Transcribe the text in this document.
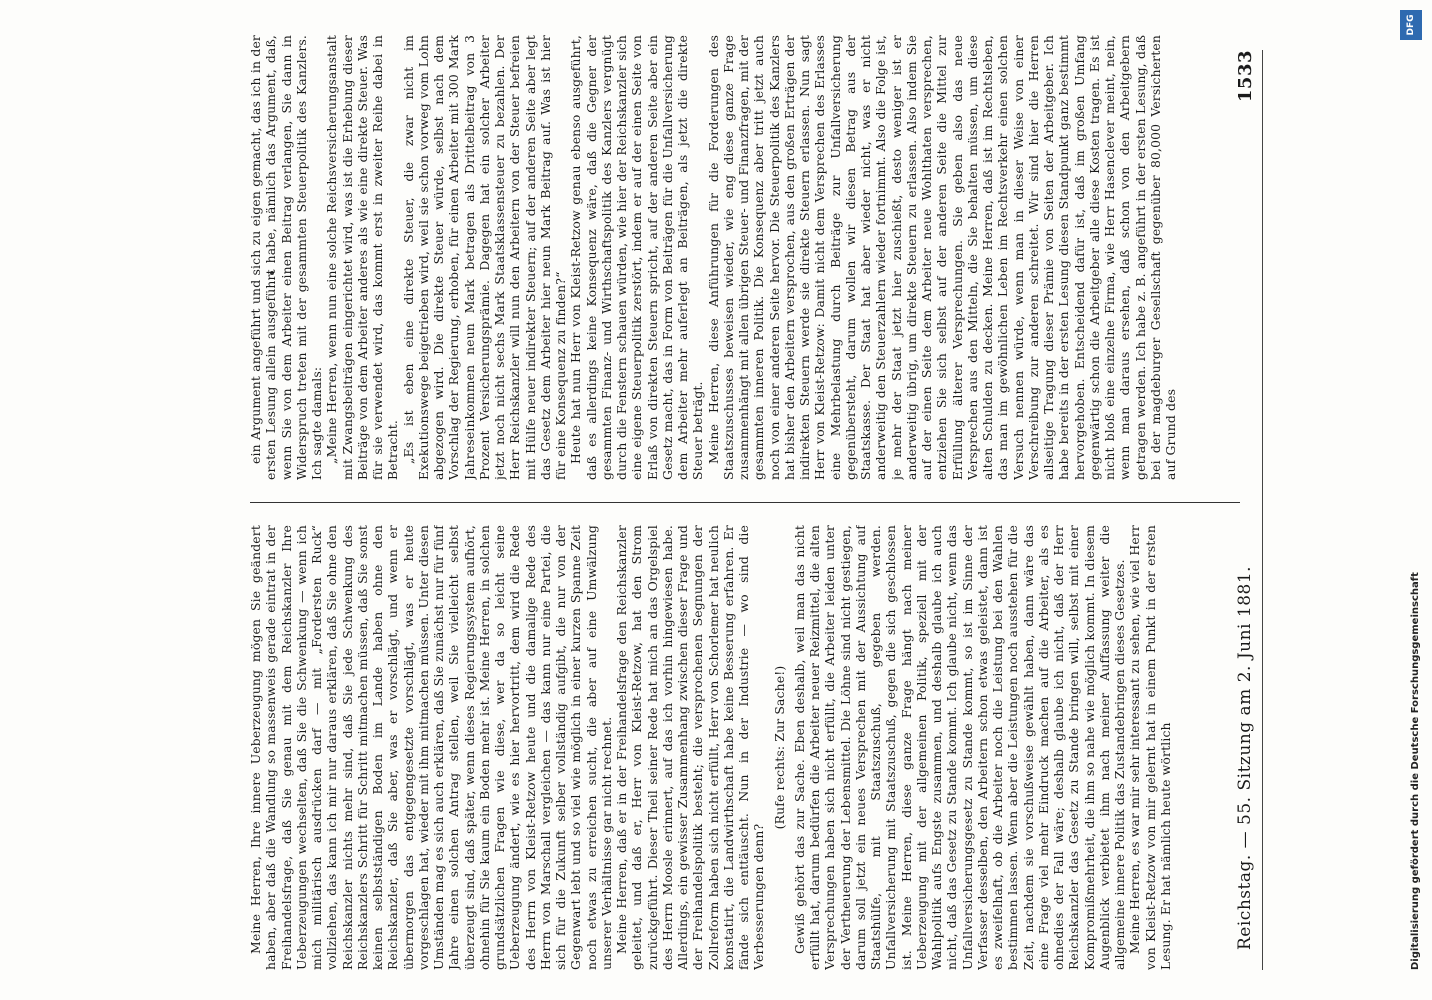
Meine Herren, Ihre innere Ueberzeugung mögen Sie geändert haben, aber daß die Wandlung so massenweis gerade eintrat in der Freihandelsfrage, daß Sie genau mit dem Reichskanzler Ihre Ueberzeugungen wechselten, daß Sie die Schwenkung — wenn ich mich militärisch ausdrücken darf — mit „Fordersten Ruck“ vollziehen, das kann ich mir nur daraus erklären, daß Sie ohne den Reichskanzler nichts mehr sind, daß Sie jede Schwenkung des Reichskanzlers Schritt für Schritt mitmachen müssen, daß Sie sonst keinen selbstständigen Boden im Lande haben ohne den Reichskanzler, daß Sie aber, was er vorschlägt, und wenn er übermorgen das entgegengesetzte vorschlägt, was er heute vorgeschlagen hat, wieder mit ihm mitmachen müssen. Unter diesen Umständen mag es sich auch erklären, daß Sie zunächst nur für fünf Jahre einen solchen Antrag stellen, weil Sie vielleicht selbst überzeugt sind, daß später, wenn dieses Regierungssystem aufhört, ohnehin für Sie kaum ein Boden mehr ist. Meine Herren, in solchen grundsätzlichen Fragen wie diese, wer da so leicht seine Ueberzeugung ändert, wie es hier hervortritt, dem wird die Rede des Herrn von Kleist-Retzow heute und die damalige Rede des Herrn von Marschall vergleichen — das kann nur eine Partei, die sich für die Zukunft selber vollständig aufgibt, die nur von der Gegenwart lebt und so viel wie möglich in einer kurzen Spanne Zeit noch etwas zu erreichen sucht, die aber auf eine Umwälzung unserer Verhältnisse gar nicht rechnet. Meine Herren, daß er in der Freihandelsfrage den Reichskanzler geleitet, und daß er, Herr von Kleist-Retzow, hat den Strom zurückgeführt. Dieser Theil seiner Rede hat mich an das Orgelspiel des Herrn Moosle erinnert, auf das ich vorhin hingewiesen habe. Allerdings, ein gewisser Zusammenhang zwischen dieser Frage und der Freihandelspolitik besteht; die versprochenen Segnungen der Zollreform haben sich nicht erfüllt, Herr von Schorlemer hat neulich konstatirt, die Landwirthschaft habe keine Besserung erfahren. Er fände sich enttäuscht. Nun in der Industrie — wo sind die Verbesserungen denn?

(Rufe rechts: Zur Sache!) Gewiß gehört das zur Sache. Eben deshalb, weil man das nicht erfüllt hat, darum bedürfen die Arbeiter neuer Reizmittel, die alten Versprechungen haben sich nicht erfüllt, die Arbeiter leiden unter der Vertheuerung der Lebensmittel. Die Löhne sind nicht gestiegen, darum soll jetzt ein neues Versprechen mit der Aussichtung auf Staatshülfe, mit Staatszuschuß, gegeben werden. Unfallversicherung mit Staatszuschuß, gegen die sich geschlossen ist. Meine Herren, diese ganze Frage hängt nach meiner Ueberzeugung mit der allgemeinen Politik, speziell mit der Wahlpolitik aufs Engste zusammen, und deshalb glaube ich auch nicht, daß das Gesetz zu Stande kommt. Ich glaube nicht, wenn das Unfallversicherungsgesetz zu Stande kommt, so ist im Sinne der Verfasser desselben, den Arbeitern schon etwas geleistet, dann ist es zweifelhaft, ob die Arbeiter noch die Leistung bei den Wahlen bestimmen lassen. Wenn aber die Leistungen noch ausstehen für die Zeit, nachdem sie vorschußweise gewählt haben, dann wäre das eine Frage viel mehr Eindruck machen auf die Arbeiter, als es ohnedies der Fall wäre; deshalb glaube ich nicht, daß der Herr Reichskanzler das Gesetz zu Stande bringen will, selbst mit einer Kompromißmehrheit, die ihm so nahe wie möglich kommt. In diesem Augenblick verbietet ihm nach meiner Auffassung weiter die allgemeine innere Politik das Zustandebringen dieses Gesetzes. Meine Herren, es war mir sehr interessant zu sehen, wie viel Herr von Kleist-Retzow von mir gelernt hat in einem Punkt in der ersten Lesung. Er hat nämlich heute wörtlich

ein Argument angeführt und sich zu eigen gemacht, das ich in der ersten Lesung allein ausgeführt habe, nämlich das Argument, daß, wenn Sie von dem Arbeiter einen Beitrag verlangen, Sie dann in Widerspruch treten mit der gesammten Steuerpolitik des Kanzlers. Ich sagte damals: „Meine Herren, wenn nun eine solche Reichsversicherungsanstalt mit Zwangsbeiträgen eingerichtet wird, was ist die Erhebung dieser Beiträge von dem Arbeiter anderes als wie eine direkte Steuer. Was für sie verwendet wird, das kommt erst in zweiter Reihe dabei in Betracht. „Es ist eben eine direkte Steuer, die zwar nicht im Exekutionswege beigetrieben wird, weil sie schon vorweg vom Lohn abgezogen wird. Die direkte Steuer würde, selbst nach dem Vorschlag der Regierung, erhoben, für einen Arbeiter mit 300 Mark Jahreseinkommen neun Mark betragen als Drittelbeitrag von 3 Prozent Versicherungsprämie. Dagegen hat ein solcher Arbeiter jetzt noch nicht sechs Mark Staatsklassensteuer zu bezahlen. Der Herr Reichskanzler will nun den Arbeitern von der Steuer befreien mit Hülfe neuer indirekter Steuern; auf der anderen Seite aber legt das Gesetz dem Arbeiter hier neun Mark Beitrag auf. Was ist hier für eine Konsequenz zu finden?“ Heute hat nun Herr von Kleist-Retzow genau ebenso ausgeführt, daß es allerdings keine Konsequenz wäre, daß die Gegner der gesammten Finanz- und Wirthschaftspolitik des Kanzlers vergnügt durch die Fenstern schauen würden, wie hier der Reichskanzler sich eine eigene Steuerpolitik zerstört, indem er auf der einen Seite von Erlaß von direkten Steuern spricht, auf der anderen Seite aber ein Gesetz macht, das in Form von Beiträgen für die Unfallversicherung dem Arbeiter mehr auferlegt an Beiträgen, als jetzt die direkte Steuer beträgt. Meine Herren, diese Anführungen für die Forderungen des Staatszuschusses beweisen wieder, wie eng diese ganze Frage zusammenhängt mit allen übrigen Steuer- und Finanzfragen, mit der gesammten inneren Politik. Die Konsequenz aber tritt jetzt auch noch von einer anderen Seite hervor. Die Steuerpolitik des Kanzlers hat bisher den Arbeitern versprochen, aus den großen Erträgen der indirekten Steuern werde sie direkte Steuern erlassen. Nun sagt Herr von Kleist-Retzow: Damit nicht dem Versprechen des Erlasses eine Mehrbelastung durch Beiträge zur Unfallversicherung gegenübersteht, darum wollen wir diesen Betrag aus der Staatskasse. Der Staat hat aber wieder nicht, was er nicht anderweitig den Steuerzahlern wieder fortnimmt. Also die Folge ist, je mehr der Staat jetzt hier zuschießt, desto weniger ist er anderweitig übrig, um direkte Steuern zu erlassen. Also indem Sie auf der einen Seite dem Arbeiter neue Wohlthaten versprechen, entziehen Sie sich selbst auf der anderen Seite die Mittel zur Erfüllung älterer Versprechungen. Sie geben also das neue Versprechen aus den Mitteln, die Sie behalten müssen, um diese alten Schulden zu decken. Meine Herren, daß ist im Rechtsleben, das man im gewöhnlichen Leben im Rechtsverkehr einen solchen Versuch nennen würde, wenn man in dieser Weise von einer Verschreibung zur anderen schreitet. Wir sind hier die Herren allseitige Tragung dieser Prämie von Seiten der Arbeitgeber. Ich habe bereits in der ersten Lesung diesen Standpunkt ganz bestimmt hervorgehoben. Entscheidend dafür ist, daß im großen Umfang gegenwärtig schon die Arbeitgeber alle diese Kosten tragen. Es ist nicht bloß eine einzelne Firma, wie Herr Hasenclever meint, nein, wenn man daraus ersehen, daß schon von den Arbeitgebern getragen werden. Ich habe z. B. angeführt in der ersten Lesung, daß bei der magdeburger Gesellschaft gegenüber 80,000 Versicherten auf Grund des

Reichstag. — 55. Sitzung am 2. Juni 1881.
1533
Digitalisierung gefördert durch die Deutsche Forschungsgemeinschaft
DFG
